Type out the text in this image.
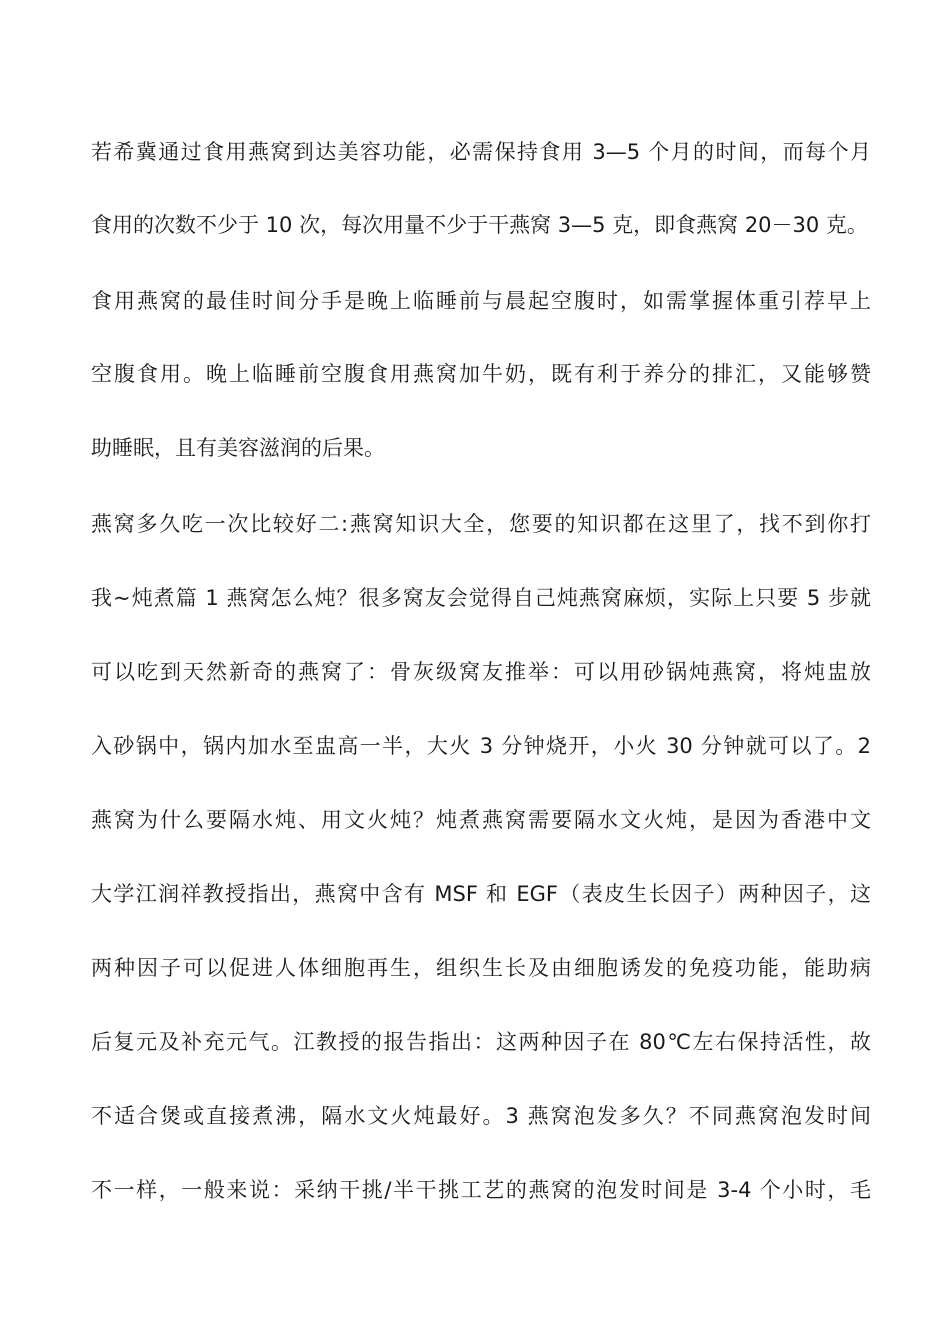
若希冀通过食用燕窝到达美容功能，必需保持食用 3—5 个月的时间，而每个月
食用的次数不少于 10 次，每次用量不少于干燕窝 3—5 克，即食燕窝 20－30 克。
食用燕窝的最佳时间分手是晚上临睡前与晨起空腹时，如需掌握体重引荐早上
空腹食用。晚上临睡前空腹食用燕窝加牛奶，既有利于养分的排汇，又能够赞
助睡眠，且有美容滋润的后果。
燕窝多久吃一次比较好二:燕窝知识大全，您要的知识都在这里了，找不到你打
我~炖煮篇 1 燕窝怎么炖？很多窝友会觉得自己炖燕窝麻烦，实际上只要 5 步就
可以吃到天然新奇的燕窝了：骨灰级窝友推举：可以用砂锅炖燕窝，将炖盅放
入砂锅中，锅内加水至盅高一半，大火 3 分钟烧开，小火 30 分钟就可以了。2
燕窝为什么要隔水炖、用文火炖？炖煮燕窝需要隔水文火炖，是因为香港中文
大学江润祥教授指出，燕窝中含有 MSF 和 EGF（表皮生长因子）两种因子，这
两种因子可以促进人体细胞再生，组织生长及由细胞诱发的免疫功能，能助病
后复元及补充元气。江教授的报告指出：这两种因子在 80℃左右保持活性，故
不适合煲或直接煮沸，隔水文火炖最好。3 燕窝泡发多久？不同燕窝泡发时间
不一样，一般来说：采纳干挑/半干挑工艺的燕窝的泡发时间是 3-4 个小时，毛
